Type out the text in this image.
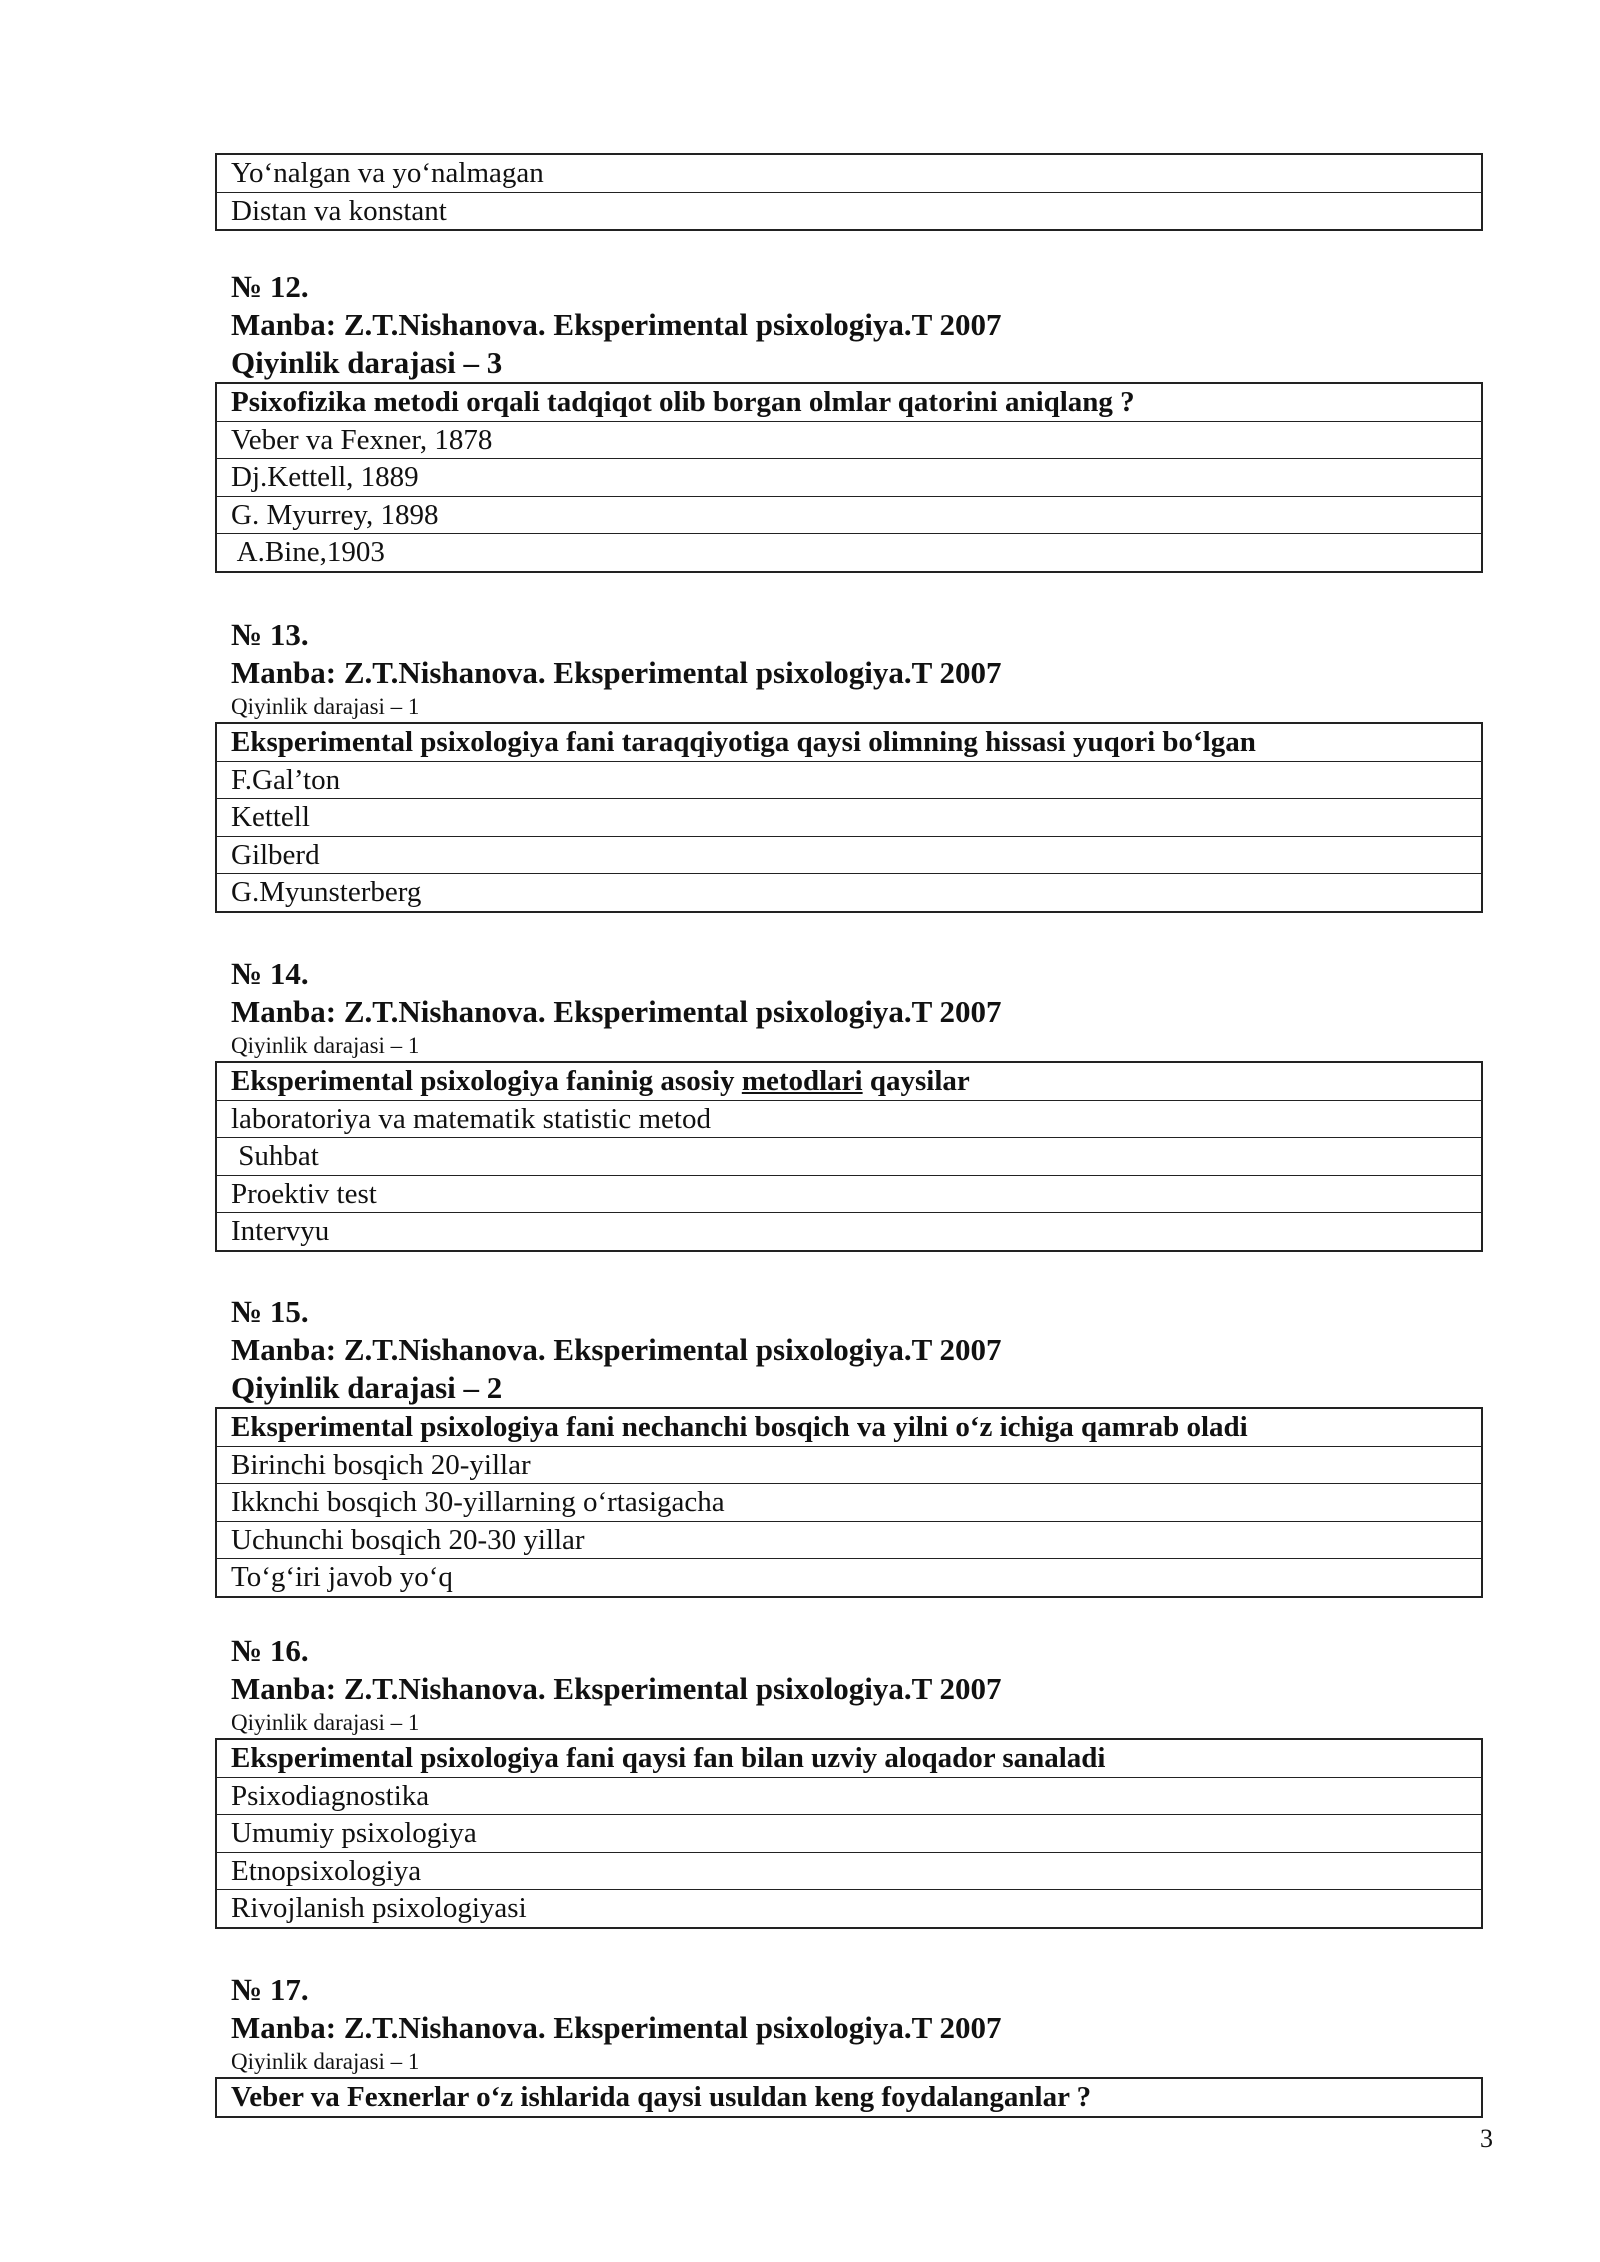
Yo‘nalgan va yo‘nalmagan
Distan va konstant
№ 12.
Manba: Z.T.Nishanova. Eksperimental psixologiya.T 2007
Qiyinlik darajasi – 3
Psixofizika metodi orqali tadqiqot olib borgan olmlar qatorini aniqlang ?
Veber va Fexner, 1878
Dj.Kettell, 1889
G. Myurrey, 1898
A.Bine,1903
№ 13.
Manba: Z.T.Nishanova. Eksperimental psixologiya.T 2007
Qiyinlik darajasi – 1
Eksperimental psixologiya fani taraqqiyotiga qaysi olimning hissasi yuqori bo‘lgan
F.Gal’ton
Kettell
Gilberd
G.Myunsterberg
№ 14.
Manba: Z.T.Nishanova. Eksperimental psixologiya.T 2007
Qiyinlik darajasi – 1
Eksperimental psixologiya faninig asosiy metodlari qaysilar
laboratoriya va matematik statistic metod
Suhbat
Proektiv test
Intervyu
№ 15.
Manba: Z.T.Nishanova. Eksperimental psixologiya.T 2007
Qiyinlik darajasi – 2
Eksperimental psixologiya fani nechanchi bosqich va yilni o‘z ichiga qamrab oladi
Birinchi bosqich 20-yillar
Ikknchi bosqich 30-yillarning o‘rtasigacha
Uchunchi bosqich 20-30 yillar
To‘g‘iri javob yo‘q
№ 16.
Manba: Z.T.Nishanova. Eksperimental psixologiya.T 2007
Qiyinlik darajasi – 1
Eksperimental psixologiya fani qaysi fan bilan uzviy aloqador sanaladi
Psixodiagnostika
Umumiy psixologiya
Etnopsixologiya
Rivojlanish psixologiyasi
№ 17.
Manba: Z.T.Nishanova. Eksperimental psixologiya.T 2007
Qiyinlik darajasi – 1
Veber va Fexnerlar o‘z ishlarida qaysi usuldan keng foydalanganlar ?
3
